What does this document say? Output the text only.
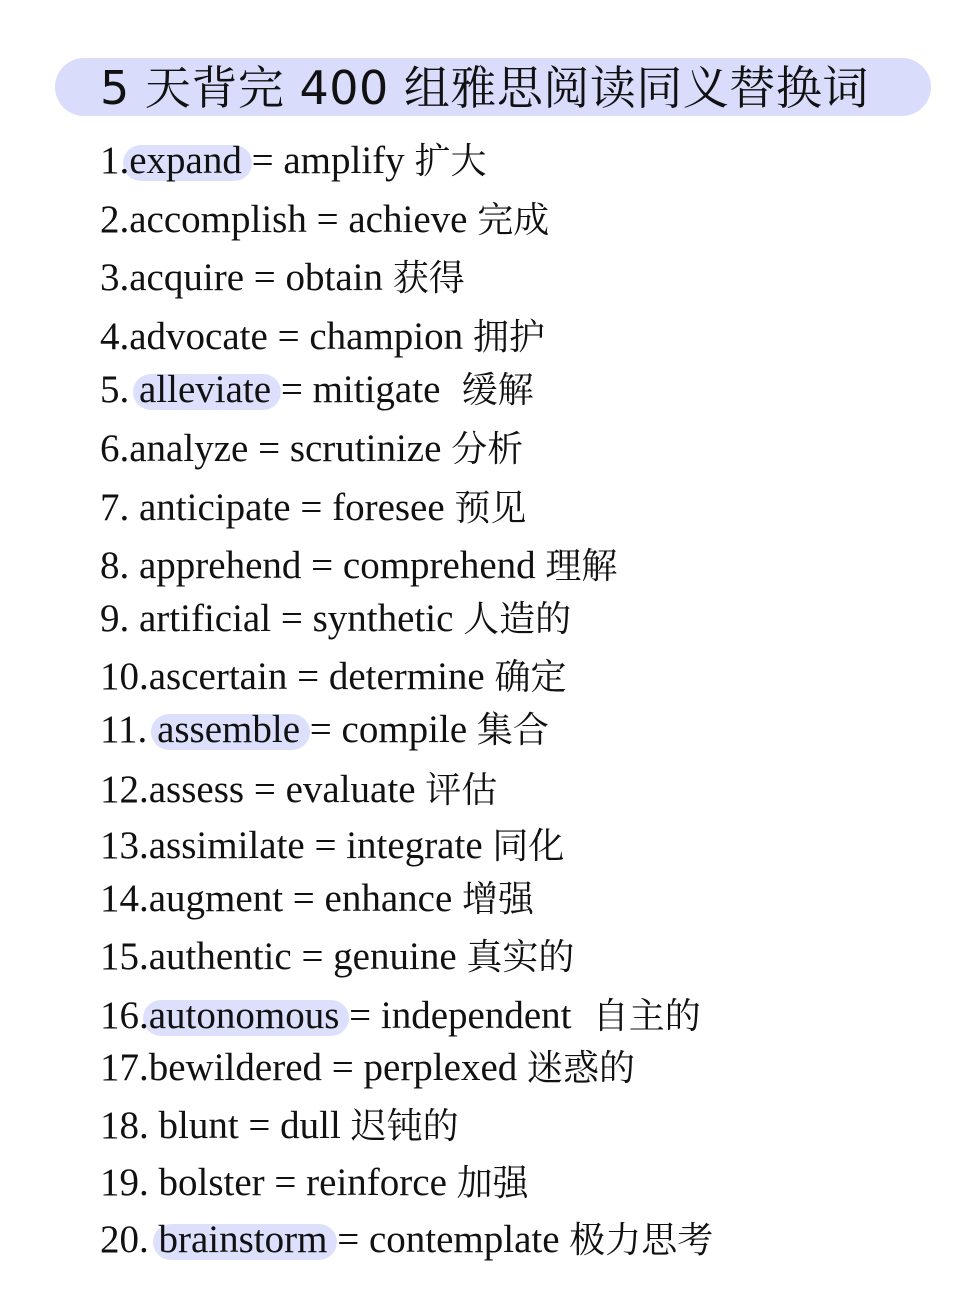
5 天背完 400 组雅思阅读同义替换词
1.expand = amplify 扩大
2.accomplish = achieve 完成
3.acquire = obtain 获得
4.advocate = champion 拥护
5. alleviate = mitigate  缓解
6.analyze = scrutinize 分析
7. anticipate = foresee 预见
8. apprehend = comprehend 理解
9. artificial = synthetic 人造的
10.ascertain = determine 确定
11. assemble = compile 集合
12.assess = evaluate 评估
13.assimilate = integrate 同化
14.augment = enhance 增强
15.authentic = genuine 真实的
16.autonomous = independent  自主的
17.bewildered = perplexed 迷惑的
18. blunt = dull 迟钝的
19. bolster = reinforce 加强
20. brainstorm = contemplate 极力思考
